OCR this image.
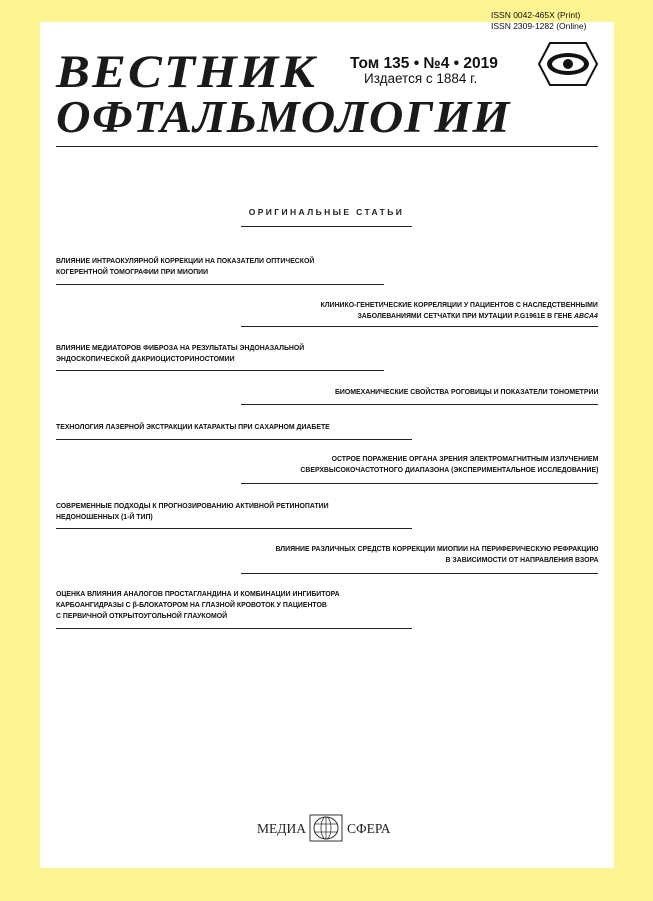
ISSN 0042-465X (Print)
ISSN 2309-1282 (Online)
ВЕСТНИК
ОФТАЛЬМОЛОГИИ
Том 135 • №4 • 2019
Издается с 1884 г.
ОРИГИНАЛЬНЫЕ СТАТЬИ
ВЛИЯНИЕ ИНТРАОКУЛЯРНОЙ КОРРЕКЦИИ НА ПОКАЗАТЕЛИ ОПТИЧЕСКОЙ
КОГЕРЕНТНОЙ ТОМОГРАФИИ ПРИ МИОПИИ
КЛИНИКО-ГЕНЕТИЧЕСКИЕ КОРРЕЛЯЦИИ У ПАЦИЕНТОВ С НАСЛЕДСТВЕННЫМИ
ЗАБОЛЕВАНИЯМИ СЕТЧАТКИ ПРИ МУТАЦИИ P.G1961E В ГЕНЕ ABCA4
ВЛИЯНИЕ МЕДИАТОРОВ ФИБРОЗА НА РЕЗУЛЬТАТЫ ЭНДОНАЗАЛЬНОЙ
ЭНДОСКОПИЧЕСКОЙ ДАКРИОЦИСТОРИНОСТОМИИ
БИОМЕХАНИЧЕСКИЕ СВОЙСТВА РОГОВИЦЫ И ПОКАЗАТЕЛИ ТОНОМЕТРИИ
ТЕХНОЛОГИЯ ЛАЗЕРНОЙ ЭКСТРАКЦИИ КАТАРАКТЫ ПРИ САХАРНОМ ДИАБЕТЕ
ОСТРОЕ ПОРАЖЕНИЕ ОРГАНА ЗРЕНИЯ ЭЛЕКТРОМАГНИТНЫМ ИЗЛУЧЕНИЕМ
СВЕРХВЫСОКОЧАСТОТНОГО ДИАПАЗОНА (ЭКСПЕРИМЕНТАЛЬНОЕ ИССЛЕДОВАНИЕ)
СОВРЕМЕННЫЕ ПОДХОДЫ К ПРОГНОЗИРОВАНИЮ АКТИВНОЙ РЕТИНОПАТИИ
НЕДОНОШЕННЫХ (1-Й ТИП)
ВЛИЯНИЕ РАЗЛИЧНЫХ СРЕДСТВ КОРРЕКЦИИ МИОПИИ НА ПЕРИФЕРИЧЕСКУЮ РЕФРАКЦИЮ
В ЗАВИСИМОСТИ ОТ НАПРАВЛЕНИЯ ВЗОРА
ОЦЕНКА ВЛИЯНИЯ АНАЛОГОВ ПРОСТАГЛАНДИНА И КОМБИНАЦИИ ИНГИБИТОРА
КАРБОАНГИДРАЗЫ С β-БЛОКАТОРОМ НА ГЛАЗНОЙ КРОВОТОК У ПАЦИЕНТОВ
С ПЕРВИЧНОЙ ОТКРЫТОУГОЛЬНОЙ ГЛАУКОМОЙ
МЕДИА	СФЕРА
